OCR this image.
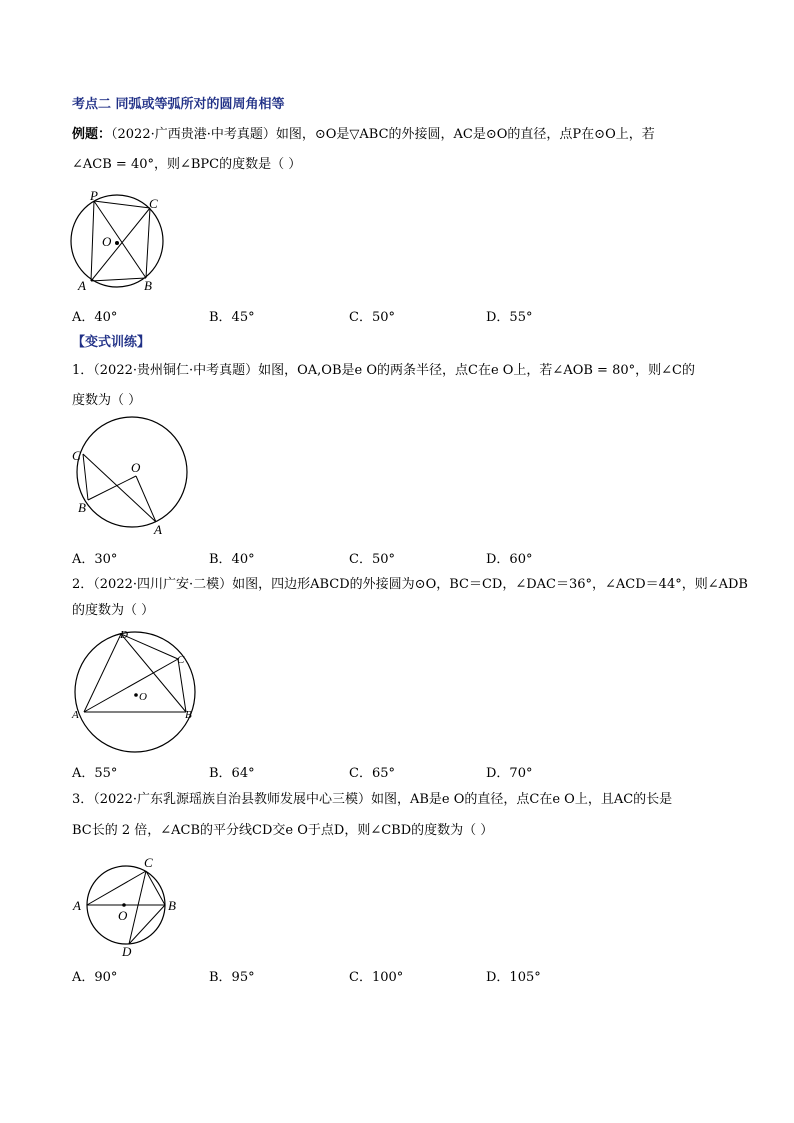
考点二 同弧或等弧所对的圆周角相等
例题：（2022·广西贵港·中考真题）如图，⊙O是▽ABC的外接圆，AC是⊙O的直径，点P在⊙O上，若
∠ACB = 40°，则∠BPC的度数是（ ）
P
C
O
A	B
A．40°	B．45°	C．50°	D．55°
【变式训练】
1．（2022·贵州铜仁·中考真题）如图，OA,OB是e O的两条半径，点C在e O上，若∠AOB = 80°，则∠C的
度数为（ ）
C
O
B
A
A．30°	B．40°	C．50°	D．60°
2．（2022·四川广安·二模）如图，四边形ABCD的外接圆为⊙O，BC＝CD，∠DAC＝36°，∠ACD＝44°，则∠ADB
的度数为（ ）
D
C
O
A	B
A．55°	B．64°	C．65°	D．70°
3．（2022·广东乳源瑶族自治县教师发展中心三模）如图，AB是e O的直径，点C在e O上，且AC的长是
BC长的 2 倍，∠ACB的平分线CD交e O于点D，则∠CBD的度数为（ ）
C
A
O
B
D
A．90°	B．95°	C．100°	D．105°
